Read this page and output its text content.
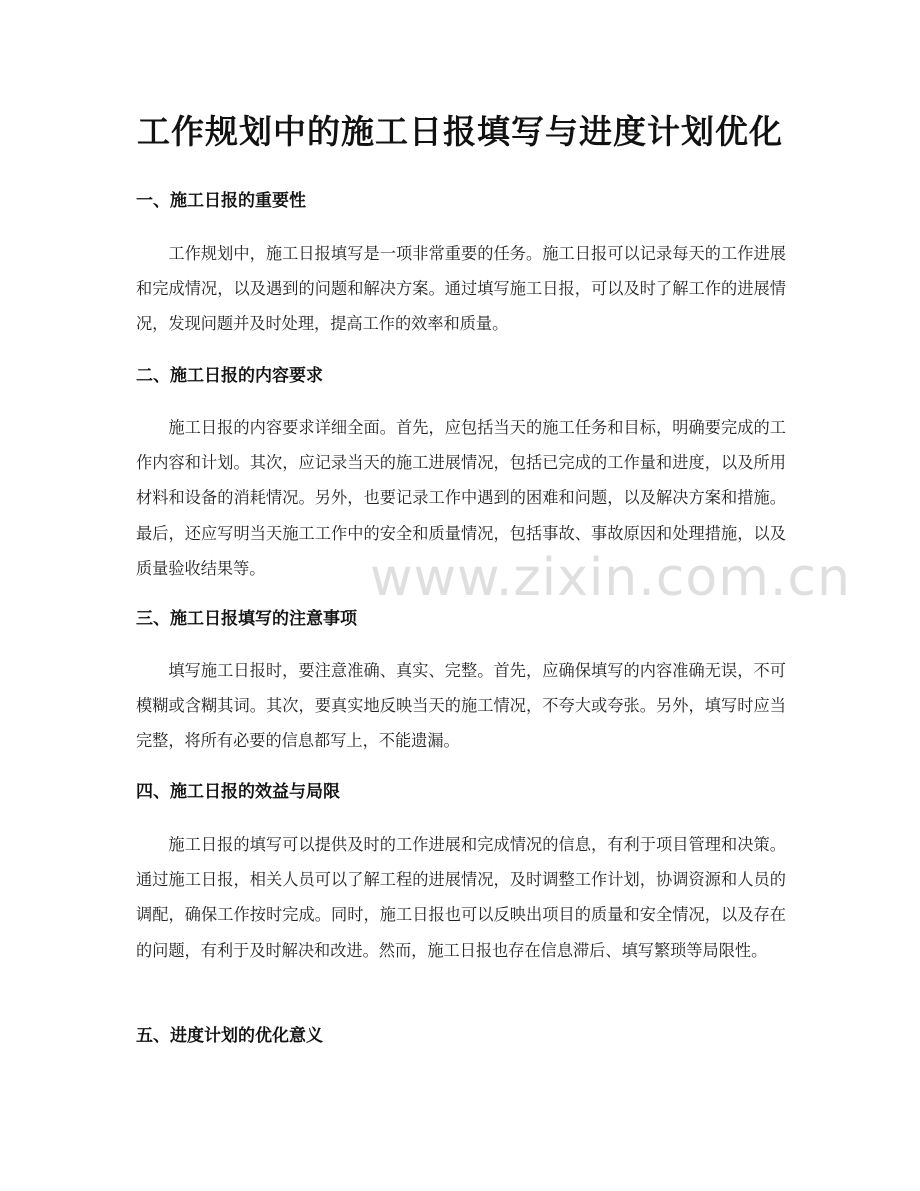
工作规划中的施工日报填写与进度计划优化
一、施工日报的重要性

工作规划中，施工日报填写是一项非常重要的任务。施工日报可以记录每天的工作进展和完成情况，以及遇到的问题和解决方案。通过填写施工日报，可以及时了解工作的进展情况，发现问题并及时处理，提高工作的效率和质量。

二、施工日报的内容要求

施工日报的内容要求详细全面。首先，应包括当天的施工任务和目标，明确要完成的工作内容和计划。其次，应记录当天的施工进展情况，包括已完成的工作量和进度，以及所用材料和设备的消耗情况。另外，也要记录工作中遇到的困难和问题，以及解决方案和措施。最后，还应写明当天施工工作中的安全和质量情况，包括事故、事故原因和处理措施，以及质量验收结果等。

三、施工日报填写的注意事项

填写施工日报时，要注意准确、真实、完整。首先，应确保填写的内容准确无误，不可模糊或含糊其词。其次，要真实地反映当天的施工情况，不夸大或夸张。另外，填写时应当完整，将所有必要的信息都写上，不能遗漏。

四、施工日报的效益与局限

施工日报的填写可以提供及时的工作进展和完成情况的信息，有利于项目管理和决策。通过施工日报，相关人员可以了解工程的进展情况，及时调整工作计划，协调资源和人员的调配，确保工作按时完成。同时，施工日报也可以反映出项目的质量和安全情况，以及存在的问题，有利于及时解决和改进。然而，施工日报也存在信息滞后、填写繁琐等局限性。

五、进度计划的优化意义
www.zixin.com.cn
